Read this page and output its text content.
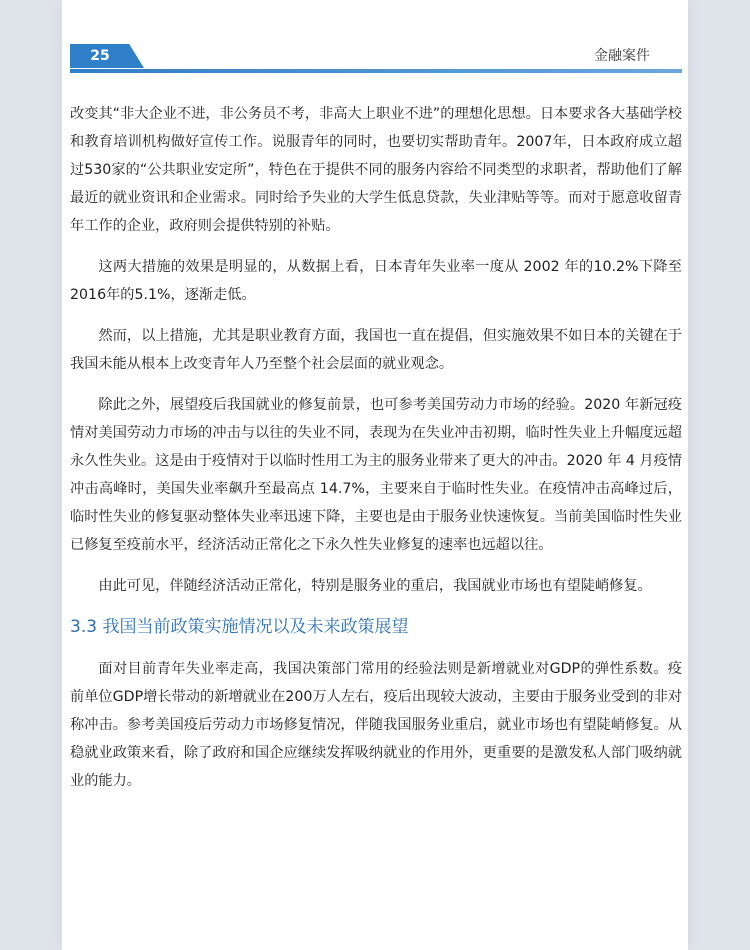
25	金融案件

改变其“非大企业不进，非公务员不考，非高大上职业不进”的理想化思想。日本要求各大基础学校和教育培训机构做好宣传工作。说服青年的同时，也要切实帮助青年。2007年，日本政府成立超过530家的“公共职业安定所”，特色在于提供不同的服务内容给不同类型的求职者，帮助他们了解最近的就业资讯和企业需求。同时给予失业的大学生低息贷款，失业津贴等等。而对于愿意收留青年工作的企业，政府则会提供特别的补贴。

这两大措施的效果是明显的，从数据上看，日本青年失业率一度从 2002 年的10.2%下降至2016年的5.1%，逐渐走低。

然而，以上措施，尤其是职业教育方面，我国也一直在提倡，但实施效果不如日本的关键在于我国未能从根本上改变青年人乃至整个社会层面的就业观念。

除此之外，展望疫后我国就业的修复前景，也可参考美国劳动力市场的经验。2020 年新冠疫情对美国劳动力市场的冲击与以往的失业不同，表现为在失业冲击初期，临时性失业上升幅度远超永久性失业。这是由于疫情对于以临时性用工为主的服务业带来了更大的冲击。2020 年 4 月疫情冲击高峰时，美国失业率飙升至最高点 14.7%，主要来自于临时性失业。在疫情冲击高峰过后，临时性失业的修复驱动整体失业率迅速下降，主要也是由于服务业快速恢复。当前美国临时性失业已修复至疫前水平，经济活动正常化之下永久性失业修复的速率也远超以往。

由此可见，伴随经济活动正常化，特别是服务业的重启，我国就业市场也有望陡峭修复。

3.3 我国当前政策实施情况以及未来政策展望

面对目前青年失业率走高，我国决策部门常用的经验法则是新增就业对GDP的弹性系数。疫前单位GDP增长带动的新增就业在200万人左右，疫后出现较大波动，主要由于服务业受到的非对称冲击。参考美国疫后劳动力市场修复情况，伴随我国服务业重启，就业市场也有望陡峭修复。从稳就业政策来看，除了政府和国企应继续发挥吸纳就业的作用外，更重要的是激发私人部门吸纳就业的能力。
